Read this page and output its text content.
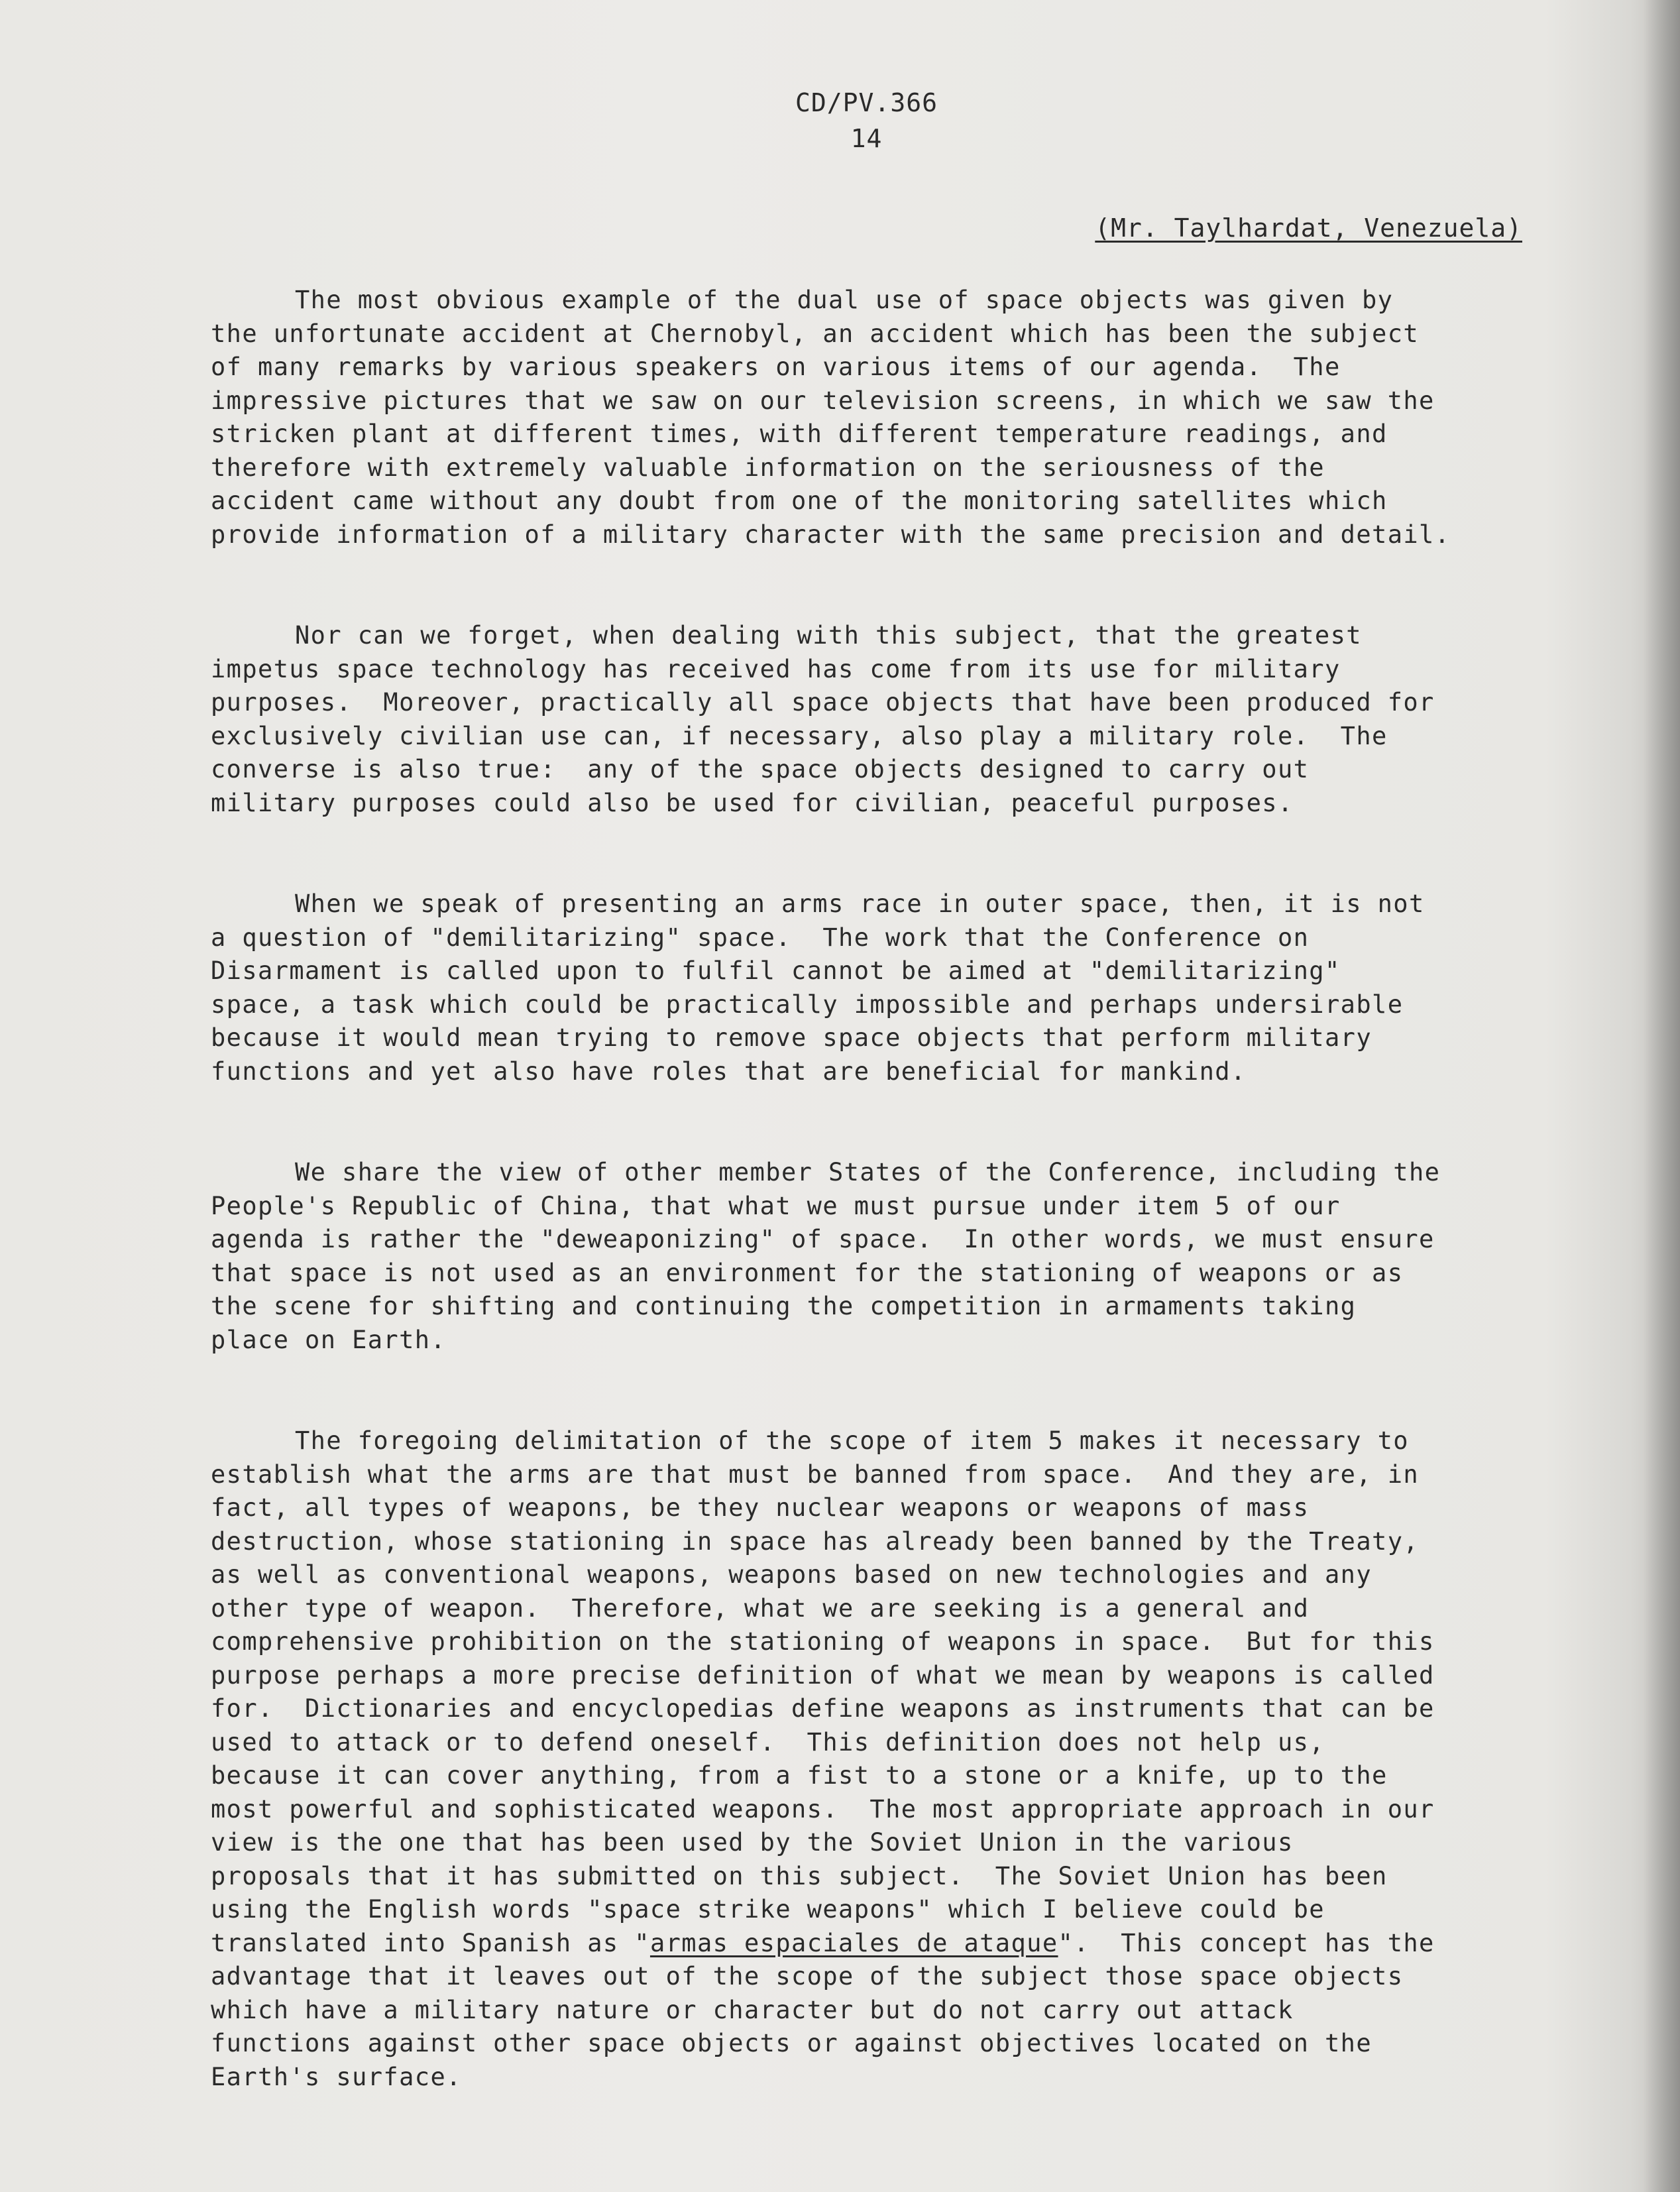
CD/PV.366
14
(Mr. Taylhardat, Venezuela)
The most obvious example of the dual use of space objects was given by
the unfortunate accident at Chernobyl, an accident which has been the subject
of many remarks by various speakers on various items of our agenda.  The
impressive pictures that we saw on our television screens, in which we saw the
stricken plant at different times, with different temperature readings, and
therefore with extremely valuable information on the seriousness of the
accident came without any doubt from one of the monitoring satellites which
provide information of a military character with the same precision and detail.
Nor can we forget, when dealing with this subject, that the greatest
impetus space technology has received has come from its use for military
purposes.  Moreover, practically all space objects that have been produced for
exclusively civilian use can, if necessary, also play a military role.  The
converse is also true:  any of the space objects designed to carry out
military purposes could also be used for civilian, peaceful purposes.
When we speak of presenting an arms race in outer space, then, it is not
a question of "demilitarizing" space.  The work that the Conference on
Disarmament is called upon to fulfil cannot be aimed at "demilitarizing"
space, a task which could be practically impossible and perhaps undersirable
because it would mean trying to remove space objects that perform military
functions and yet also have roles that are beneficial for mankind.
We share the view of other member States of the Conference, including the
People's Republic of China, that what we must pursue under item 5 of our
agenda is rather the "deweaponizing" of space.  In other words, we must ensure
that space is not used as an environment for the stationing of weapons or as
the scene for shifting and continuing the competition in armaments taking
place on Earth.
The foregoing delimitation of the scope of item 5 makes it necessary to
establish what the arms are that must be banned from space.  And they are, in
fact, all types of weapons, be they nuclear weapons or weapons of mass
destruction, whose stationing in space has already been banned by the Treaty,
as well as conventional weapons, weapons based on new technologies and any
other type of weapon.  Therefore, what we are seeking is a general and
comprehensive prohibition on the stationing of weapons in space.  But for this
purpose perhaps a more precise definition of what we mean by weapons is called
for.  Dictionaries and encyclopedias define weapons as instruments that can be
used to attack or to defend oneself.  This definition does not help us,
because it can cover anything, from a fist to a stone or a knife, up to the
most powerful and sophisticated weapons.  The most appropriate approach in our
view is the one that has been used by the Soviet Union in the various
proposals that it has submitted on this subject.  The Soviet Union has been
using the English words "space strike weapons" which I believe could be
translated into Spanish as "armas espaciales de ataque".  This concept has the
advantage that it leaves out of the scope of the subject those space objects
which have a military nature or character but do not carry out attack
functions against other space objects or against objectives located on the
Earth's surface.
